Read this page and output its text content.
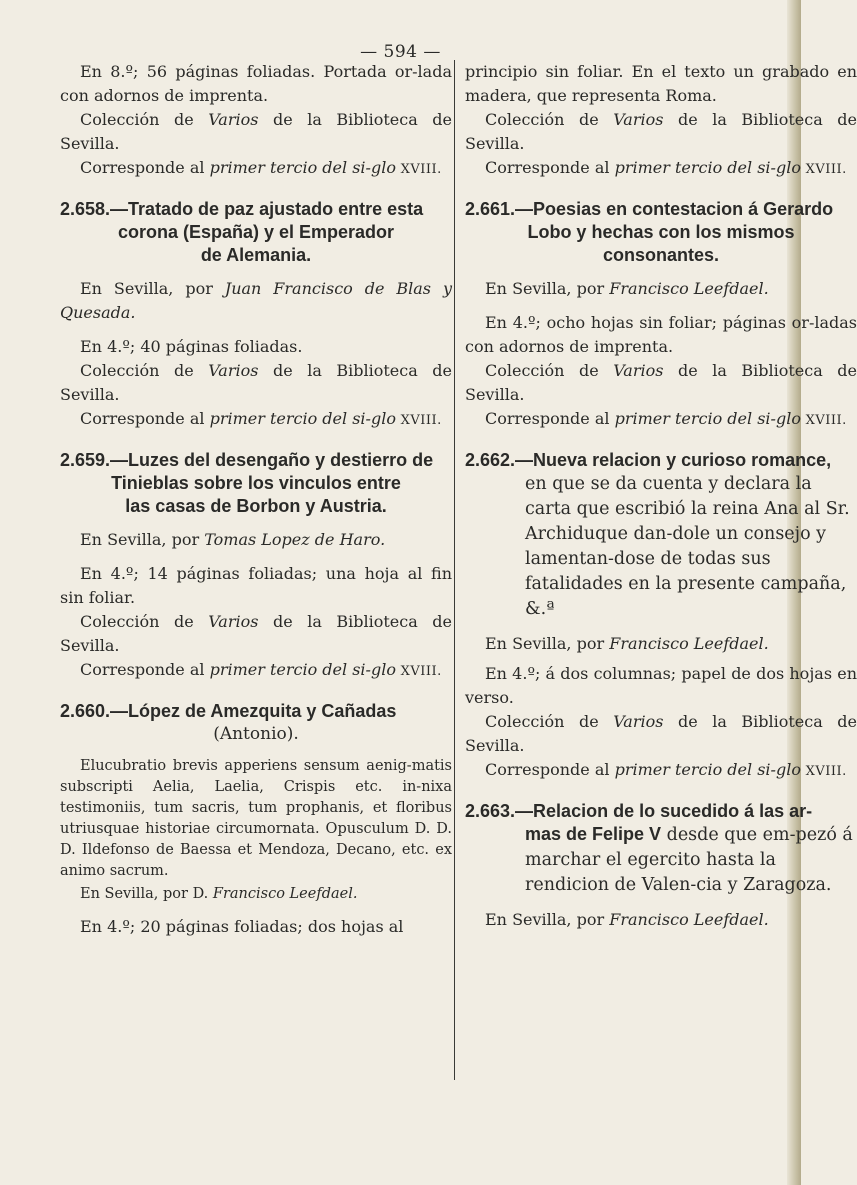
— 594 —

En 8.º; 56 páginas foliadas. Portada or-lada con adornos de imprenta.

Colección de Varios de la Biblioteca de Sevilla.

Corresponde al primer tercio del si-glo XVIII.

2.658.—Tratado de paz ajustado entre esta
corona (España) y el Emperador
de Alemania.

En Sevilla, por Juan Francisco de Blas y Quesada.

En 4.º; 40 páginas foliadas.

Colección de Varios de la Biblioteca de Sevilla.

Corresponde al primer tercio del si-glo XVIII.

2.659.—Luzes del desengaño y destierro de
Tinieblas sobre los vinculos entre
las casas de Borbon y Austria.

En Sevilla, por Tomas Lopez de Haro.

En 4.º; 14 páginas foliadas; una hoja al fin sin foliar.

Colección de Varios de la Biblioteca de Sevilla.

Corresponde al primer tercio del si-glo XVIII.

2.660.—López de Amezquita y Cañadas
(Antonio).

Elucubratio brevis apperiens sensum aenig-matis subscripti Aelia, Laelia, Crispis etc. in-nixa testimoniis, tum sacris, tum prophanis, et floribus utriusquae historiae circumornata. Opusculum D. D. D. Ildefonso de Baessa et Mendoza, Decano, etc. ex animo sacrum.

En Sevilla, por D. Francisco Leefdael.

En 4.º; 20 páginas foliadas; dos hojas al

principio sin foliar. En el texto un grabado en madera, que representa Roma.

Colección de Varios de la Biblioteca de Sevilla.

Corresponde al primer tercio del si-glo XVIII.

2.661.—Poesias en contestacion á Gerardo
Lobo y hechas con los mismos
consonantes.

En Sevilla, por Francisco Leefdael.

En 4.º; ocho hojas sin foliar; páginas or-ladas con adornos de imprenta.

Colección de Varios de la Biblioteca de Sevilla.

Corresponde al primer tercio del si-glo XVIII.

2.662.—Nueva relacion y curioso romance,
en que se da cuenta y declara la carta que escribió la reina Ana al Sr. Archiduque dan-dole un consejo y lamentan-dose de todas sus fatalidades en la presente campaña, &.ª

En Sevilla, por Francisco Leefdael.

En 4.º; á dos columnas; papel de dos hojas en verso.

Colección de Varios de la Biblioteca de Sevilla.

Corresponde al primer tercio del si-glo XVIII.

2.663.—Relacion de lo sucedido á las ar-
mas de Felipe V desde que em-pezó á marchar el egercito hasta la rendicion de Valen-cia y Zaragoza.

En Sevilla, por Francisco Leefdael.
